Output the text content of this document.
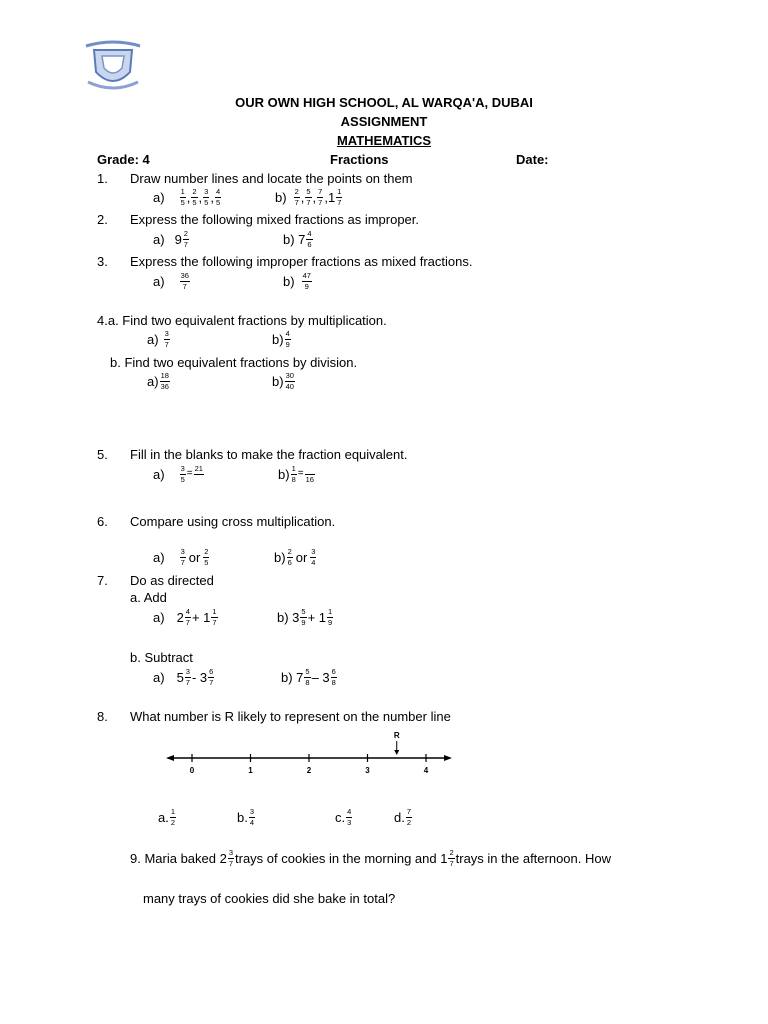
OUR OWN HIGH SCHOOL, AL WARQA'A, DUBAI
ASSIGNMENT
MATHEMATICS
Grade: 4	Fractions	Date:
1. Draw number lines and locate the points on them
$a) \frac{1}{5}$ , $\frac{2}{5}$ , $\frac{3}{5}$ , $\frac{4}{5}$	$b) \frac{2}{7}$ , $\frac{5}{7}$ , $\frac{7}{7}$ , $1 \frac{1}{7}$
2. Express the following mixed fractions as improper.
a) $9 \frac{2}{7}$	b) $7 \frac{4}{6}$
3. Express the following improper fractions as mixed fractions.
$a) \frac{36}{7}$	$b) \frac{47}{9}$
4.a. Find two equivalent fractions by multiplication.
$a) \frac{3}{7}$	$b) \frac{4}{9}$
b. Find two equivalent fractions by division.
$a) \frac{18}{36}$	$b) \frac{30}{40}$
5. Fill in the blanks to make the fraction equivalent.
$a) \frac{3}{5} = 21$	$b) \frac{1}{8} = 16$
6. Compare using cross multiplication.
$a) \frac{3}{7}$ or $\frac{2}{5}$	$b) \frac{2}{6}$ or $\frac{3}{4}$
7. Do as directed
a. Add
a) $2 \frac{4}{7} + 1 \frac{1}{7}$	b) $3 \frac{5}{9} + 1 \frac{1}{9}$
b. Subtract
a) $5 \frac{3}{7} - 3 \frac{6}{7}$	b) $7 \frac{5}{8} - 3 \frac{6}{8}$
8. What number is R likely to represent on the number line
0	1	2	3	4
R
a. $\frac{1}{2}$	b. $\frac{3}{4}$	c. $\frac{4}{3}$	d. $\frac{7}{2}$
9. Maria baked $2 \frac{3}{7}$ trays of cookies in the morning and $1 \frac{2}{7}$ trays in the afternoon. How
many trays of cookies did she bake in total?
